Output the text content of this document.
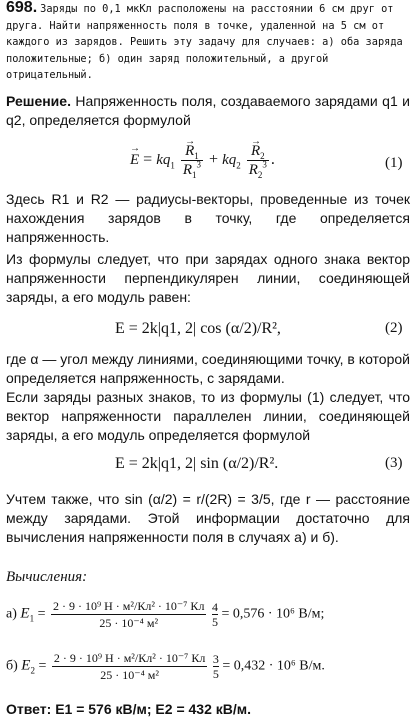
698. Заряды по 0,1 мкКл расположены на расстоянии 6 см друг от друга. Найти напряженность поля в точке, удаленной на 5 см от каждого из зарядов. Решить эту задачу для случаев: а) оба заряда положительные; б) один заряд положительный, а другой отрицательный.
Решение. Напряженность поля, создаваемого зарядами q1 и q2, определяется формулой
→ $E = kq_1$
→ $\frac{R_1}{R_1^3} + kq_2$
→ $\frac{R_2}{R_2^3}$ .	(1)
Здесь R1 и R2 — радиусы-векторы, проведенные из точек нахождения зарядов в точку, где определяется напряженность.
Из формулы следует, что при зарядах одного знака вектор напряженности перпендикулярен линии, соединяющей заряды, а его модуль равен:
E = 2k|q1, 2| cos (α/2)/R²,	(2)
где α — угол между линиями, соединяющими точку, в которой определяется напряженность, с зарядами.
Если заряды разных знаков, то из формулы (1) следует, что вектор напряженности параллелен линии, соединяющей заряды, а его модуль определяется формулой
E = 2k|q1, 2| sin (α/2)/R².	(3)
Учтем также, что sin (α/2) = r/(2R) = 3/5, где r — расстояние между зарядами. Этой информации достаточно для вычисления напряженности поля в случаях а) и б).
Вычисления:
а) $E_1 = \frac{\text{2 · 9 · 10⁹ Н · м²/Кл² · 10⁻⁷ Кл}}{\text{25 · 10⁻⁴ м²}}$
$\frac{4}{5} = 0,576 \cdot 10^6$ В/м;
б) $E_2 = \frac{\text{2 · 9 · 10⁹ Н · м²/Кл² · 10⁻⁷ Кл}}{\text{25 · 10⁻⁴ м²}}$
$\frac{3}{5} = 0,432 \cdot 10^6$ В/м.
Ответ: E1 = 576 кВ/м; E2 = 432 кВ/м.
